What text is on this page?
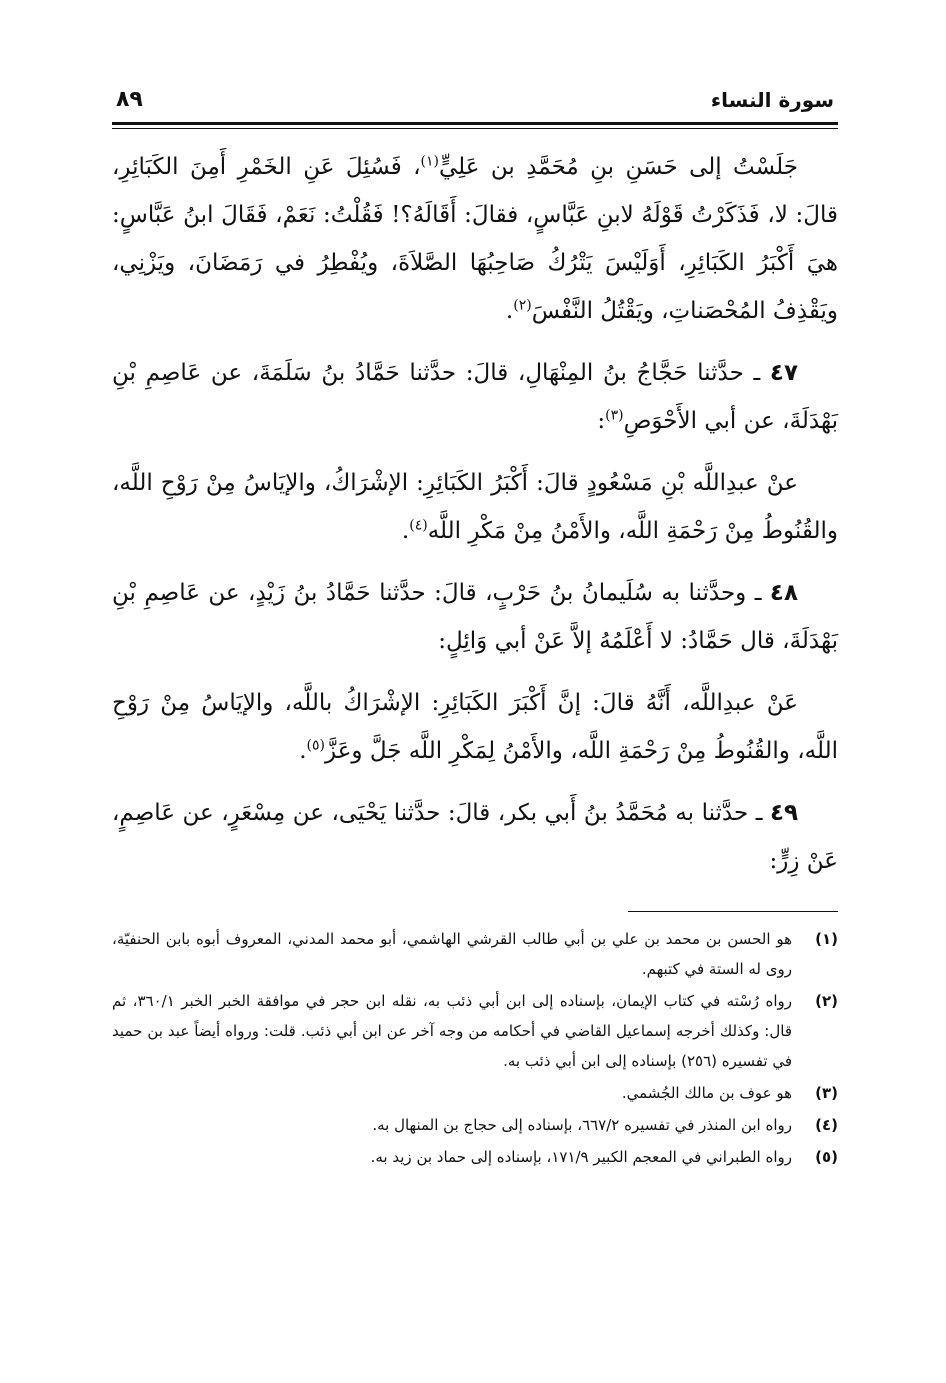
سورة النساء
٨٩

جَلَسْتُ إلى حَسَنِ بنِ مُحَمَّدِ بن عَلِيٍّ$^{(١)}$، فَسُئِلَ عَنِ الخَمْرِ أَمِنَ الكَبَائِرِ، قالَ: لا، فَذَكَرْتُ قَوْلَهُ لابنِ عَبَّاسٍ، فقالَ: أَقَالَهُ؟! فَقُلْتُ: نَعَمْ، فَقَالَ ابنُ عَبَّاسٍ: هيَ أَكْبَرُ الكَبَائِرِ، أَوَلَيْسَ يَتْرُكُ صَاحِبُهَا الصَّلاَةَ، ويُفْطِرُ في رَمَضَانَ، ويَزْنِي، ويَقْذِفُ المُحْصَناتِ، ويَقْتُلُ النَّفْسَ$^{(٢)}$.

٤٧ ـ حدَّثنا حَجَّاجُ بنُ المِنْهَالِ، قالَ: حدَّثنا حَمَّادُ بنُ سَلَمَةَ، عن عَاصِمِ بْنِ بَهْدَلَةَ، عن أبي الأَحْوَصِ$^{(٣)}$:

عنْ عبدِاللَّه بْنِ مَسْعُودٍ قالَ: أَكْبَرُ الكَبَائِرِ: الإشْرَاكُ، والإيَاسُ مِنْ رَوْحِ اللَّه، والقُنُوطُ مِنْ رَحْمَةِ اللَّه، والأَمْنُ مِنْ مَكْرِ اللَّه$^{(٤)}$.

٤٨ ـ وحدَّثنا به سُلَيمانُ بنُ حَرْبٍ، قالَ: حدَّثنا حَمَّادُ بنُ زَيْدٍ، عن عَاصِمِ بْنِ بَهْدَلَةَ، قال حَمَّادُ: لا أَعْلَمُهُ إلاَّ عَنْ أبي وَائِلٍ:

عَنْ عبدِاللَّه، أَنَّهُ قالَ: إنَّ أَكْبَرَ الكَبَائِرِ: الإشْرَاكُ باللَّه، والإيَاسُ مِنْ رَوْحِ اللَّه، والقُنُوطُ مِنْ رَحْمَةِ اللَّه، والأَمْنُ لِمَكْرِ اللَّه جَلَّ وعَزَّ$^{(٥)}$.

٤٩ ـ حدَّثنا به مُحَمَّدُ بنُ أَبي بكر، قالَ: حدَّثنا يَحْيَى، عن مِسْعَرٍ، عن عَاصِمٍ، عَنْ زِرٍّ:

(١)
هو الحسن بن محمد بن علي بن أبي طالب القرشي الهاشمي، أبو محمد المدني، المعروف أبوه بابن الحنفيّة، روى له الستة في كتبهم.
(٢)
رواه رُسْته في كتاب الإيمان، بإسناده إلى ابن أبي ذئب به، نقله ابن حجر في موافقة الخبر الخبر ٣٦٠/١، ثم قال: وكذلك أخرجه إسماعيل القاضي في أحكامه من وجه آخر عن ابن أبي ذئب. قلت: ورواه أيضاً عبد بن حميد في تفسيره (٢٥٦) بإسناده إلى ابن أبي ذئب به.
(٣)
هو عوف بن مالك الجُشمي.
(٤)
رواه ابن المنذر في تفسيره ٦٦٧/٢، بإسناده إلى حجاج بن المنهال به.
(٥)
رواه الطبراني في المعجم الكبير ١٧١/٩، بإسناده إلى حماد بن زيد به.
